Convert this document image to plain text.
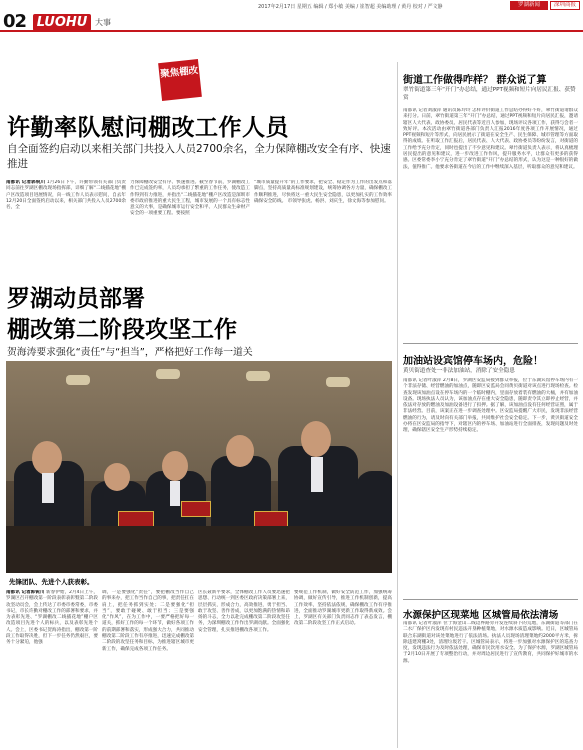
02 LUOHU 大事
2017年2月17日 星期五 编辑 / 郑小敏 美编 / 崔智超 美编助理 / 黄丹 校对 / 严文静	罗湖新闻	深圳商报
聚焦棚改
许勤率队慰问棚改工作人员
自全面签约启动以来相关部门共投入人员2700余名，全力保障棚改安全有序、快速推进
南都讯 记者郭锐川 1月26日下午，许勤带领有关部门负责同志前往罗湖区棚改现场指挥部，详细了解“二线插花地”棚户区改造项目进展情况，向一线工作人员表示慰问，自去年12月20日全面签约启动以来，相关部门共投入人员2700余名，全
力保障棚改安全有序、快速推进。截至春节前，罗湖棚改工作已完成签约率，人员均承担了繁重的工作任务，使改造工作得到有力推进，并指出“二线插花地”棚户区改造是深圳市委市政府推进的重大民生工程，城市发展的一个具有标志性意义的大事，是确保城市运行安全和平、人民群众生命财产安全的一项重要工程。要按照
“城市质量提升年”的工作要求，把安全、稳定作为工作的出发点和落脚点，坚持高质量高标准规划建设，统筹协调各方力量，确保棚改工作顺利推进，尽快将这一重大民生安全隐患，以更加扎实的工作效率确保安全防线。 市领导张虎、杨洪、刘庆生，徐文海等参加慰问。
罗湖动员部署
棚改第二阶段攻坚工作
贺海涛要求强化“责任”与“担当”，严格把好工作每一道关
先锋团队、先进个人获表彰。
南都讯 记者郭锐川 新春伊始，2月4日上午，罗湖区召开棚改第一阶段表彰表彰暨第二阶段攻坚动员会，会上传达了市委市委常委，市委书记，市长许勤对棚改工作的部署和要求，并为表彰先进、“罗湖棚改二线插花地”棚户区改造项目先进个人的标兵，以及表彰先进个人。会上，区委书记贺海涛指出，棚改第一阶段工作取得决胜，但下一步任务仍然艰巨，要务十分紧迫，他强
调，一是要强化“责任”，要把棚改当作自己的事来办，把工作当作自己的事，把责任扛在肩上，把任务抓到实处；二是要强化“担当”，要敢于碰硬、敢于担当；三是要强化“作风”，在为工作中，一要严格把好每一道关，抓好工作的每一个环节，做好各项工作的前期部署和落实，形成强大合力，共同推动棚改第二阶段工作有序推进，迅速完成棚改第二阶段的攻坚任务和目标，为推进辖区城市更新工作，确保完成各项工作任务。
区长聂新平要求，全体棚改工作人员要迅速把思想、行动统一到区委区政府决策部署上来，层层抓实，形成合力，高效推进，勇于担当、敢于攻坚、善作善成，以更加饱满的热情和昂扬的斗志，全力以赴完成棚改第二阶段攻坚任务，为深圳棚改工作作出罗湖贡献。全面强化安全管理，扎实推进棚改各项工作。
要规范工作机制，做好安全防范工作，加强统筹协调，做好宣传引导，推进工作机制创新，提高工作效率，坚持依法依规，确保棚改工作有序推进，全面推动罗湖城市更新工作取得新成效。会上，罗湖区有关部门负责同志作了表态发言，棚改第二阶段攻坚工作正式启动。
街道工作做得咋样？ 群众说了算
翠竹街道第三年“开门”办总结，通过PPT视频和短片向居民汇报、获赞赏
南都讯 记者刘淑萍 通讯员陈玲玲 怎样评价街道工作总结办得好不好，翠竹街道请群众来打分。日前，翠竹街道第三年“开门”办总结，通过PPT视频和短片向居民汇报，邀请辖区人大代表、政协委员、居民代表等近百人参加，现场评议各项工作，获得与会者一致好评。本次活动由翠竹街道各部门负责人汇报2016年度各项工作开展情况，通过PPT视频和短片等形式，向居民展示了街道在安全生产、民生保障、城市管理等方面取得的成绩。在听取工作汇报后，居民代表、人大代表、政协委员等纷纷发言，对街道的工作给予充分肯定，同时也提出了不少意见和建议。翠竹街道负责人表示，将认真梳理居民提出的意见和建议，进一步改进工作作风，提升服务水平，让群众有更多的获得感。区委常委李小宁充分肯定了翠竹街道“开门”办总结的形式，认为这是一种很好的做法，值得推广。他要求各街道在今后的工作中继续深入基层，听取群众的意见和建议。
加油站设宾馆停车场内，危险！
黄贝街道查处一非法加油站，消除了安全隐患
南都讯 记者叶淑萍 2月8日，罗湖区安监局接到群众举报，位于东湖宾馆停车场内有一个非法存储、经营燃油的加油点，随即区安监局会同黄贝街道对该点进行现场检查。检查发现该加油点设在停车场内的一个临时棚内，里面存放着装有燃油的大桶，并有加油设备。现场执法人员认为，该加油点存在重大安全隐患，随即责令其立即停止经营，并依法对存放的燃油及加油设备进行了扣押。据了解，该加油点没有任何经营证照，属于非法经营。目前，该案正在进一步调查处理中。区安监局提醒广大市民，发现非法经营燃油的行为，请及时向有关部门举报，共同维护社会安全稳定。下一步，黄贝街道安全办将在区安监局的指导下，对辖区内的停车场、加油站进行全面排查，发现问题及时处理，确保辖区安全生产形势持续稳定。
水源保护区现菜地 区城管局依法清场
南都讯 记者叶淑萍 位于海金山二线边界路旁开发连续斜下的荒地，东湖街道等部门在二水厂保护区内发现有村民违法开垦种植菜地，对水源水质造成影响。近日，区城管局联合东湖街道对该处菜地进行了依法清场。执法人员现场清理菜地约2000平方米，拆除违建窝棚3处，清理垃圾若干。区城管局表示，将进一步加强对水源保护区的巡查力度，发现违法行为及时依法处理，确保市民饮用水安全。为了保护水源，罗湖区城管局于2月10日开展了专项整治行动，并对周边居民进行了宣传教育，共同保护好城市的水源。
